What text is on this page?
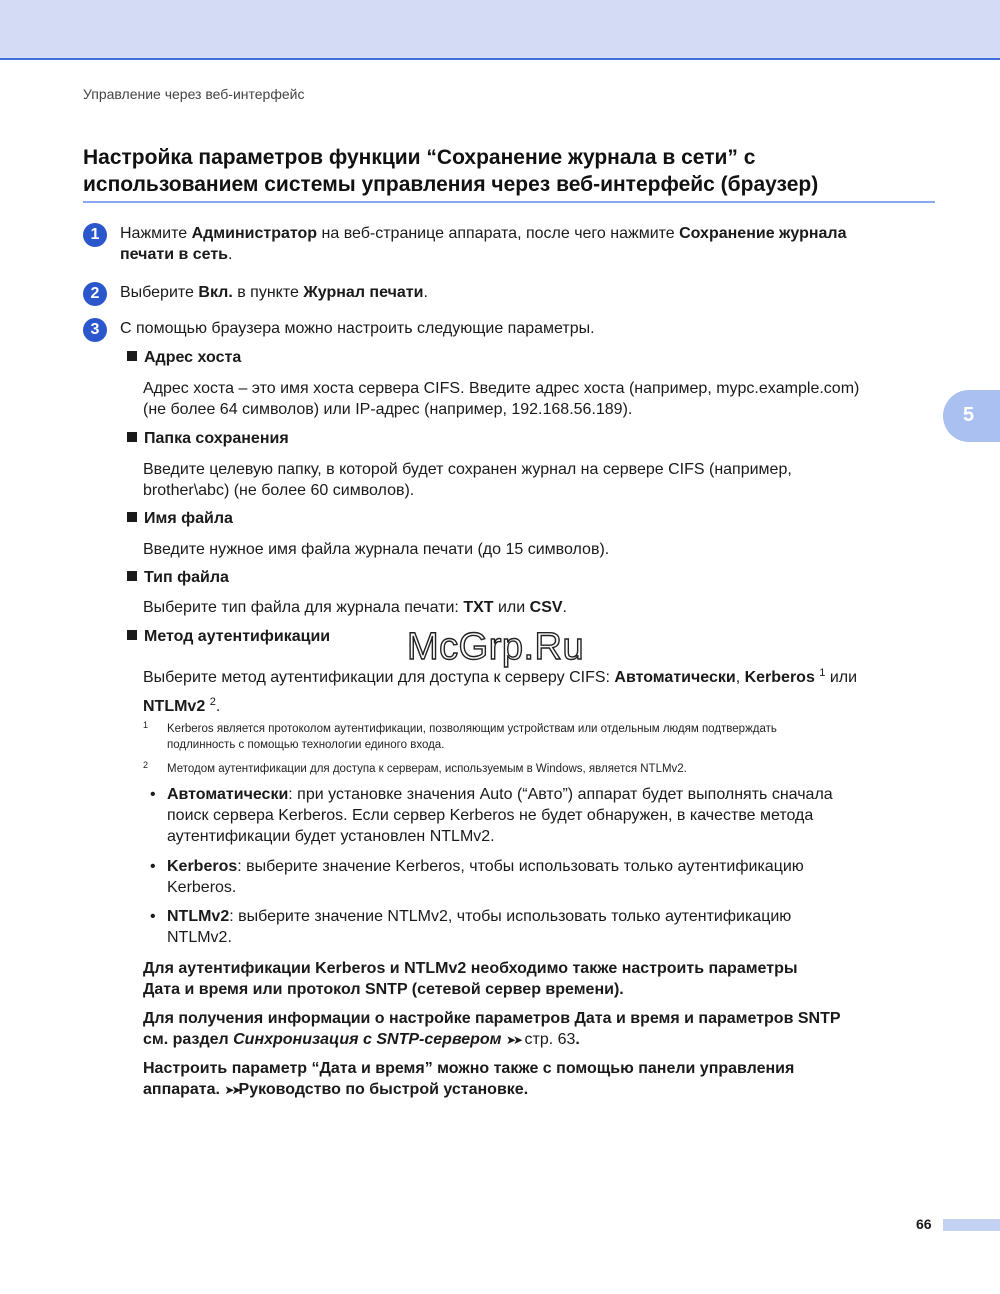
Управление через веб-интерфейс
Настройка параметров функции “Сохранение журнала в сети” с
использованием системы управления через веб-интерфейс (браузер)
5
1	Нажмите Администратор на веб-странице аппарата, после чего нажмите Сохранение журнала
печати в сеть.
2	Выберите Вкл. в пункте Журнал печати.
3	С помощью браузера можно настроить следующие параметры.
Адрес хоста
Адрес хоста – это имя хоста сервера CIFS. Введите адрес хоста (например, mypc.example.com)
(не более 64 символов) или IP-адрес (например, 192.168.56.189).
Папка сохранения
Введите целевую папку, в которой будет сохранен журнал на сервере CIFS (например,
brother\abc) (не более 60 символов).
Имя файла
Введите нужное имя файла журнала печати (до 15 символов).
Тип файла
Выберите тип файла для журнала печати: TXT или CSV.
Метод аутентификации
Выберите метод аутентификации для доступа к серверу CIFS: Автоматически, Kerberos $^1$ или
NTLMv2 $^2$.
1 Kerberos является протоколом аутентификации, позволяющим устройствам или отдельным людям подтверждать
подлинность с помощью технологии единого входа.
2 Методом аутентификации для доступа к серверам, используемым в Windows, является NTLMv2.
• Автоматически: при установке значения Auto (“Авто”) аппарат будет выполнять сначала
поиск сервера Kerberos. Если сервер Kerberos не будет обнаружен, в качестве метода
аутентификации будет установлен NTLMv2.
• Kerberos: выберите значение Kerberos, чтобы использовать только аутентификацию
Kerberos.
• NTLMv2: выберите значение NTLMv2, чтобы использовать только аутентификацию
NTLMv2.
Для аутентификации Kerberos и NTLMv2 необходимо также настроить параметры
Дата и время или протокол SNTP (сетевой сервер времени).
Для получения информации о настройке параметров Дата и время и параметров SNTP
см. раздел Синхронизация с SNTP-сервером ➤➤ стр. 63.
Настроить параметр “Дата и время” можно также с помощью панели управления
аппарата. ➤➤Руководство по быстрой установке.
McGrp.Ru
66
